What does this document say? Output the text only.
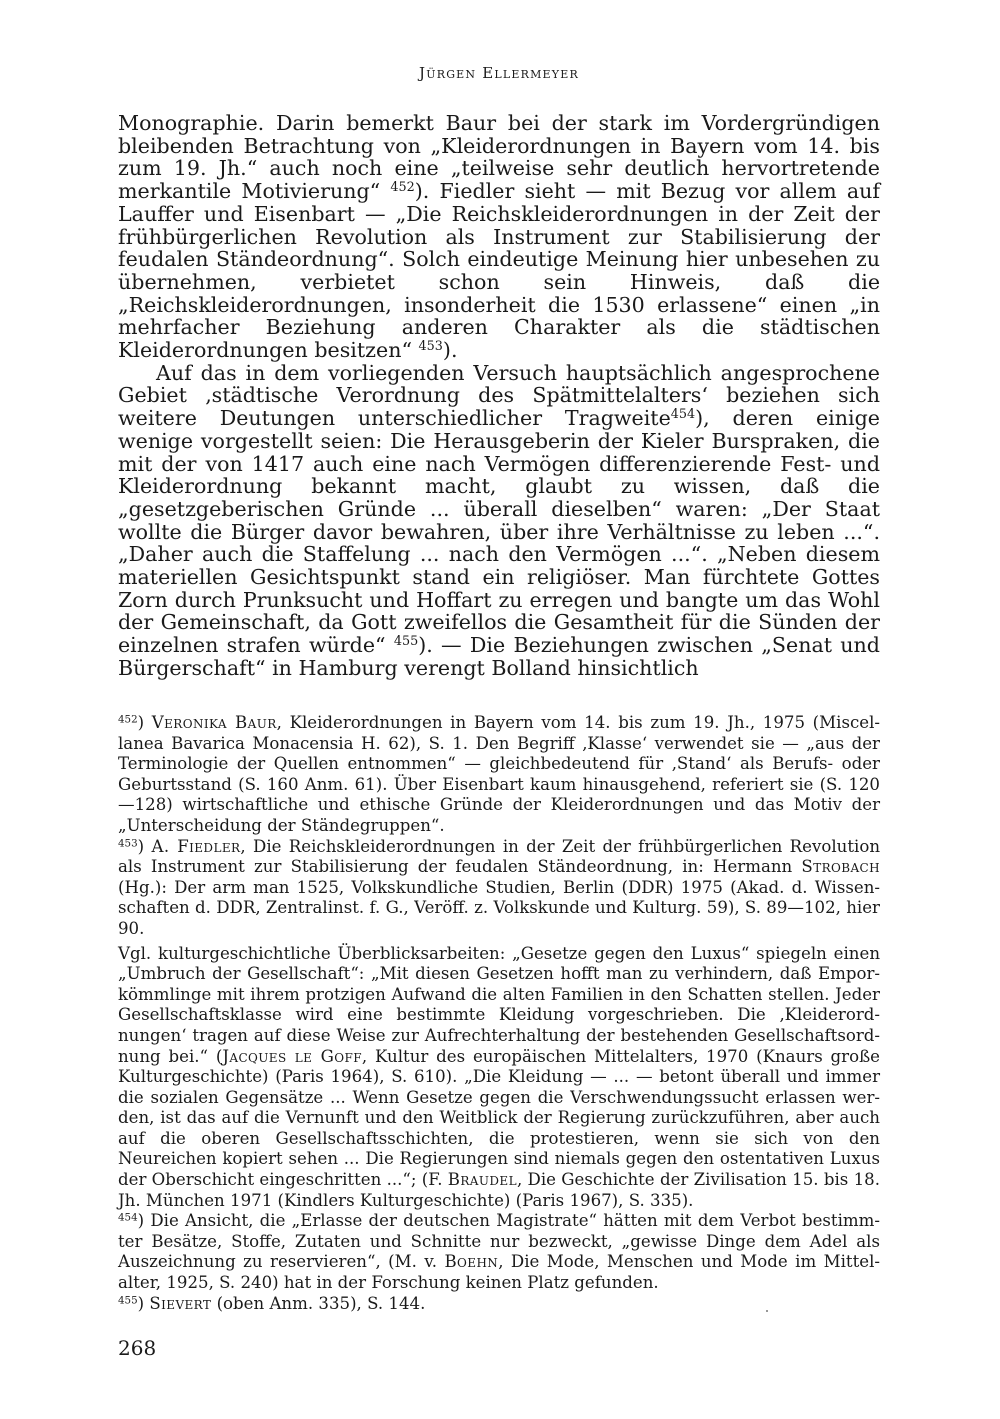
Jürgen Ellermeyer

Monographie. Darin bemerkt Baur bei der stark im Vordergründigen bleibenden Betrachtung von „Kleiderordnungen in Bayern vom 14. bis zum 19. Jh.“ auch noch eine „teilweise sehr deutlich hervortretende merkantile Motivierung“ $^{452}$). Fiedler sieht — mit Bezug vor allem auf Lauffer und Eisenbart — „Die Reichskleiderordnungen in der Zeit der frühbürgerlichen Revolution als Instrument zur Stabilisierung der feudalen Ständeordnung“. Solch eindeutige Meinung hier unbesehen zu übernehmen, verbietet schon sein Hinweis, daß die „Reichskleiderordnungen, insonderheit die 1530 erlassene“ einen „in mehrfacher Beziehung anderen Charakter als die städtischen Kleiderordnungen besitzen“ $^{453}$).

Auf das in dem vorliegenden Versuch hauptsächlich angesprochene Gebiet ‚städtische Verordnung des Spätmittelalters‘ beziehen sich weitere Deutungen unterschiedlicher Tragweite$^{454}$), deren einige wenige vorgestellt seien: Die Herausgeberin der Kieler Burspraken, die mit der von 1417 auch eine nach Vermögen differenzierende Fest- und Kleiderordnung bekannt macht, glaubt zu wissen, daß die „gesetzgeberischen Gründe ... überall dieselben“ waren: „Der Staat wollte die Bürger davor bewahren, über ihre Verhältnisse zu leben ...“. „Daher auch die Staffelung ... nach den Vermögen ...“. „Neben diesem materiellen Gesichtspunkt stand ein religiöser. Man fürchtete Gottes Zorn durch Prunksucht und Hoffart zu erregen und bangte um das Wohl der Gemeinschaft, da Gott zweifellos die Gesamtheit für die Sünden der einzelnen strafen würde“ $^{455}$). — Die Beziehungen zwischen „Senat und Bürgerschaft“ in Hamburg verengt Bolland hinsichtlich

$^{452}$) Veronika Baur, Kleiderordnungen in Bayern vom 14. bis zum 19. Jh., 1975 (Miscellanea Bavarica Monacensia H. 62), S. 1. Den Begriff ‚Klasse‘ verwendet sie — „aus der Terminologie der Quellen entnommen“ — gleichbedeutend für ‚Stand‘ als Berufs- oder Geburtsstand (S. 160 Anm. 61). Über Eisenbart kaum hinausgehend, referiert sie (S. 120—128) wirtschaftliche und ethische Gründe der Kleiderordnungen und das Motiv der „Unterscheidung der Ständegruppen“.

$^{453}$) A. Fiedler, Die Reichskleiderordnungen in der Zeit der frühbürgerlichen Revolution als Instrument zur Stabilisierung der feudalen Ständeordnung, in: Hermann Strobach (Hg.): Der arm man 1525, Volkskundliche Studien, Berlin (DDR) 1975 (Akad. d. Wissenschaften d. DDR, Zentralinst. f. G., Veröff. z. Volkskunde und Kulturg. 59), S. 89—102, hier 90.

Vgl. kulturgeschichtliche Überblicksarbeiten: „Gesetze gegen den Luxus“ spiegeln einen „Umbruch der Gesellschaft“: „Mit diesen Gesetzen hofft man zu verhindern, daß Emporkömmlinge mit ihrem protzigen Aufwand die alten Familien in den Schatten stellen. Jeder Gesellschaftsklasse wird eine bestimmte Kleidung vorgeschrieben. Die ‚Kleiderordnungen‘ tragen auf diese Weise zur Aufrechterhaltung der bestehenden Gesellschaftsordnung bei.“ (Jacques le Goff, Kultur des europäischen Mittelalters, 1970 (Knaurs große Kulturgeschichte) (Paris 1964), S. 610). „Die Kleidung — ... — betont überall und immer die sozialen Gegensätze ... Wenn Gesetze gegen die Verschwendungssucht erlassen werden, ist das auf die Vernunft und den Weitblick der Regierung zurückzuführen, aber auch auf die oberen Gesellschaftsschichten, die protestieren, wenn sie sich von den Neureichen kopiert sehen ... Die Regierungen sind niemals gegen den ostentativen Luxus der Oberschicht eingeschritten ...“; (F. Braudel, Die Geschichte der Zivilisation 15. bis 18. Jh. München 1971 (Kindlers Kulturgeschichte) (Paris 1967), S. 335).

$^{454}$) Die Ansicht, die „Erlasse der deutschen Magistrate“ hätten mit dem Verbot bestimmter Besätze, Stoffe, Zutaten und Schnitte nur bezweckt, „gewisse Dinge dem Adel als Auszeichnung zu reservieren“, (M. v. Boehn, Die Mode, Menschen und Mode im Mittelalter, 1925, S. 240) hat in der Forschung keinen Platz gefunden.

$^{455}$) Sievert (oben Anm. 335), S. 144.

268
